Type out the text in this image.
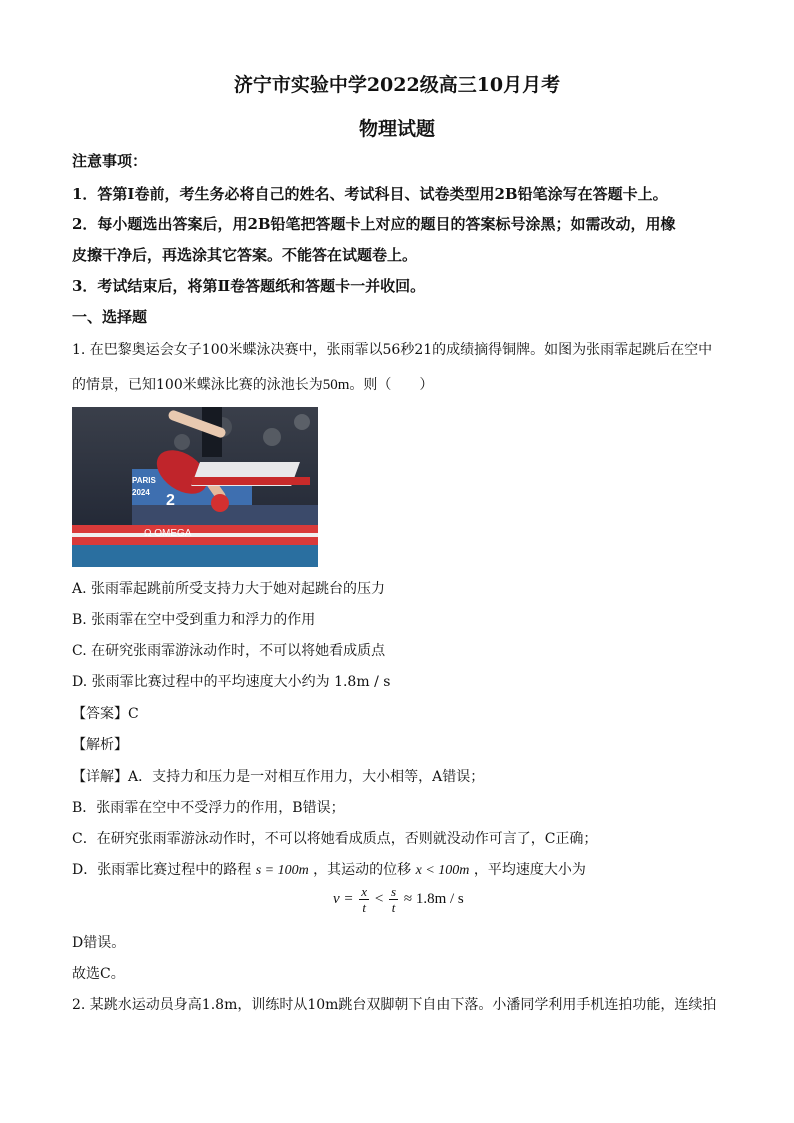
济宁市实验中学2022级高三10月月考
物理试题
注意事项：
1．答第Ⅰ卷前，考生务必将自己的姓名、考试科目、试卷类型用2B铅笔涂写在答题卡上。
2．每小题选出答案后，用2B铅笔把答题卡上对应的题目的答案标号涂黑；如需改动，用橡
皮擦干净后，再选涂其它答案。不能答在试题卷上。
3．考试结束后，将第Ⅱ卷答题纸和答题卡一并收回。
一、选择题
1. 在巴黎奥运会女子100米蝶泳决赛中，张雨霏以56秒21的成绩摘得铜牌。如图为张雨霏起跳后在空中
的情景，已知100米蝶泳比赛的泳池长为50m。则（　　）
PARIS
2024
Ω OMEGA
2
A. 张雨霏起跳前所受支持力大于她对起跳台的压力
B. 张雨霏在空中受到重力和浮力的作用
C. 在研究张雨霏游泳动作时，不可以将她看成质点
D. 张雨霏比赛过程中的平均速度大小约为 1.8m / s
【答案】C
【解析】
【详解】A．支持力和压力是一对相互作用力，大小相等，A错误；
B．张雨霏在空中不受浮力的作用，B错误；
C．在研究张雨霏游泳动作时，不可以将她看成质点，否则就没动作可言了，C正确；
D．张雨霏比赛过程中的路程 s = 100m ，其运动的位移 x < 100m ，平均速度大小为
$v = \frac{x}{t} < \frac{s}{t} \approx 1.8m / s$
D错误。
故选C。
2. 某跳水运动员身高1.8m，训练时从10m跳台双脚朝下自由下落。小潘同学利用手机连拍功能，连续拍
